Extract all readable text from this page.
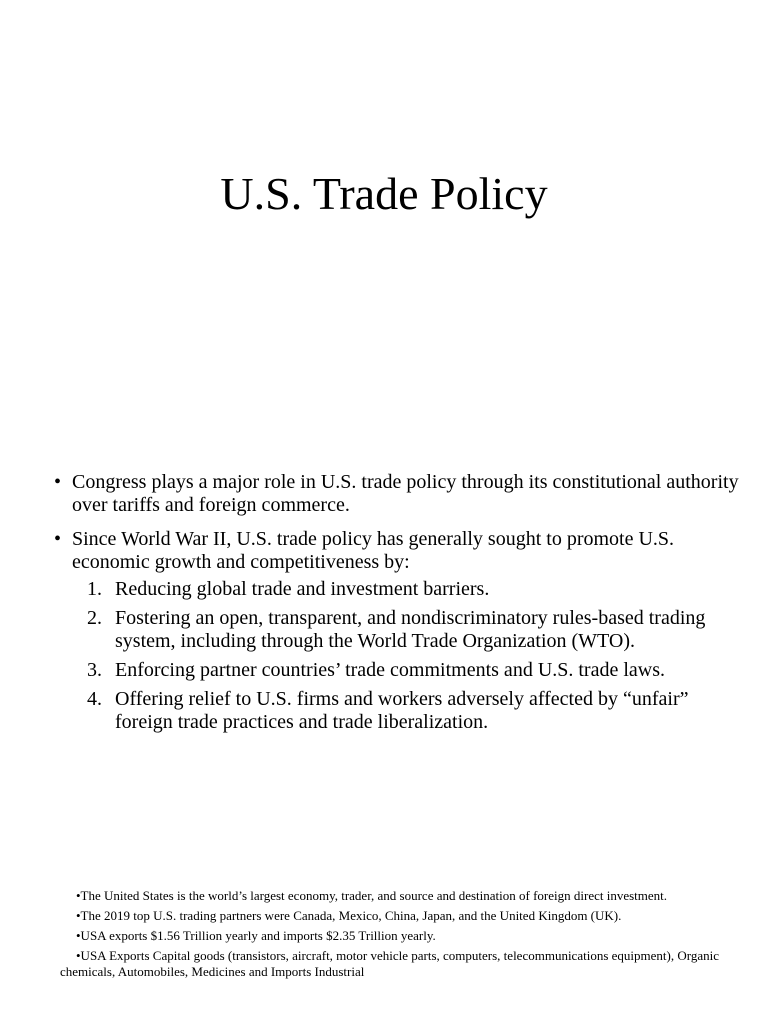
U.S. Trade Policy
• Congress plays a major role in U.S. trade policy through its constitutional authority over tariffs and foreign commerce.
• Since World War II, U.S. trade policy has generally sought to promote U.S. economic growth and competitiveness by:
1. Reducing global trade and investment barriers.
2. Fostering an open, transparent, and nondiscriminatory rules-based trading system, including through the World Trade Organization (WTO).
3. Enforcing partner countries’ trade commitments and U.S. trade laws.
4. Offering relief to U.S. firms and workers adversely affected by “unfair” foreign trade practices and trade liberalization.

•The United States is the world’s largest economy, trader, and source and destination of foreign direct investment.

•The 2019 top U.S. trading partners were Canada, Mexico, China, Japan, and the United Kingdom (UK).

•USA exports $1.56 Trillion yearly and imports $2.35 Trillion yearly.

•USA Exports Capital goods (transistors, aircraft, motor vehicle parts, computers, telecommunications equipment), Organic chemicals, Automobiles, Medicines and Imports Industrial
